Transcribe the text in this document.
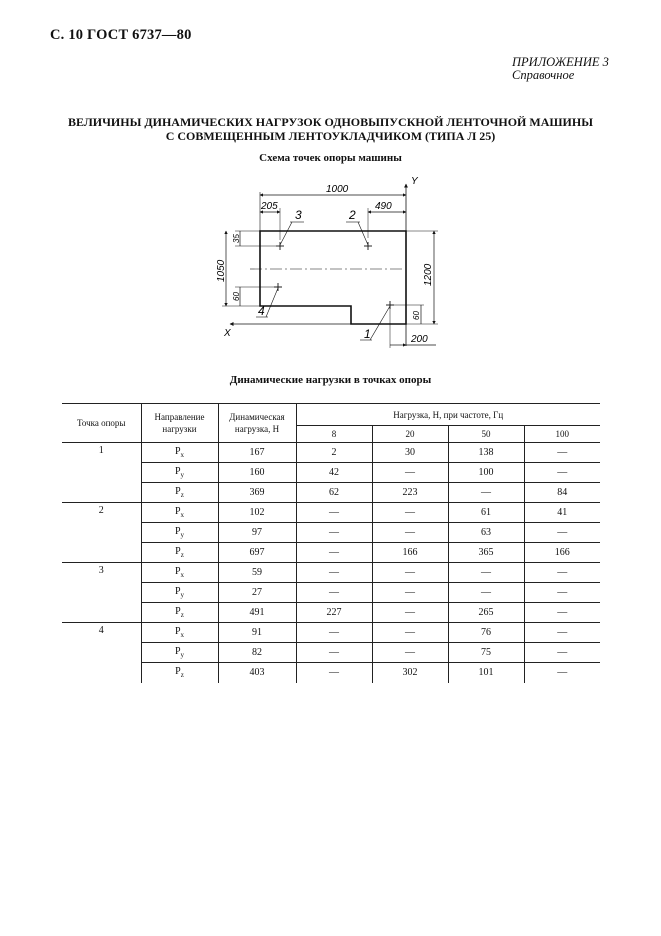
С. 10 ГОСТ 6737—80
ПРИЛОЖЕНИЕ 3
Справочное
ВЕЛИЧИНЫ ДИНАМИЧЕСКИХ НАГРУЗОК ОДНОВЫПУСКНОЙ ЛЕНТОЧНОЙ МАШИНЫ
С СОВМЕЩЕННЫМ ЛЕНТОУКЛАДЧИКОМ (ТИПА Л 25)
Схема точек опоры машины
Y
X
1000
205	490
35
1050
60
1200
60
200
3	2
4
1
Динамические нагрузки в точках опоры
Точка опоры	Направление нагрузки	Динамическая нагрузка, Н	Нагрузка, Н, при частоте, Гц			
			8	20	50	100
1	$P_x$	167	2	30	138	—
	$P_y$	160	42	—	100	—
	$P_z$	369	62	223	—	84
2	$P_x$	102	—	—	61	41
	$P_y$	97	—	—	63	—
	$P_z$	697	—	166	365	166
3	$P_x$	59	—	—	—	—
	$P_y$	27	—	—	—	—
	$P_z$	491	227	—	265	—
4	$P_x$	91	—	—	76	—
	$P_y$	82	—	—	75	—
	$P_z$	403	—	302	101	—
